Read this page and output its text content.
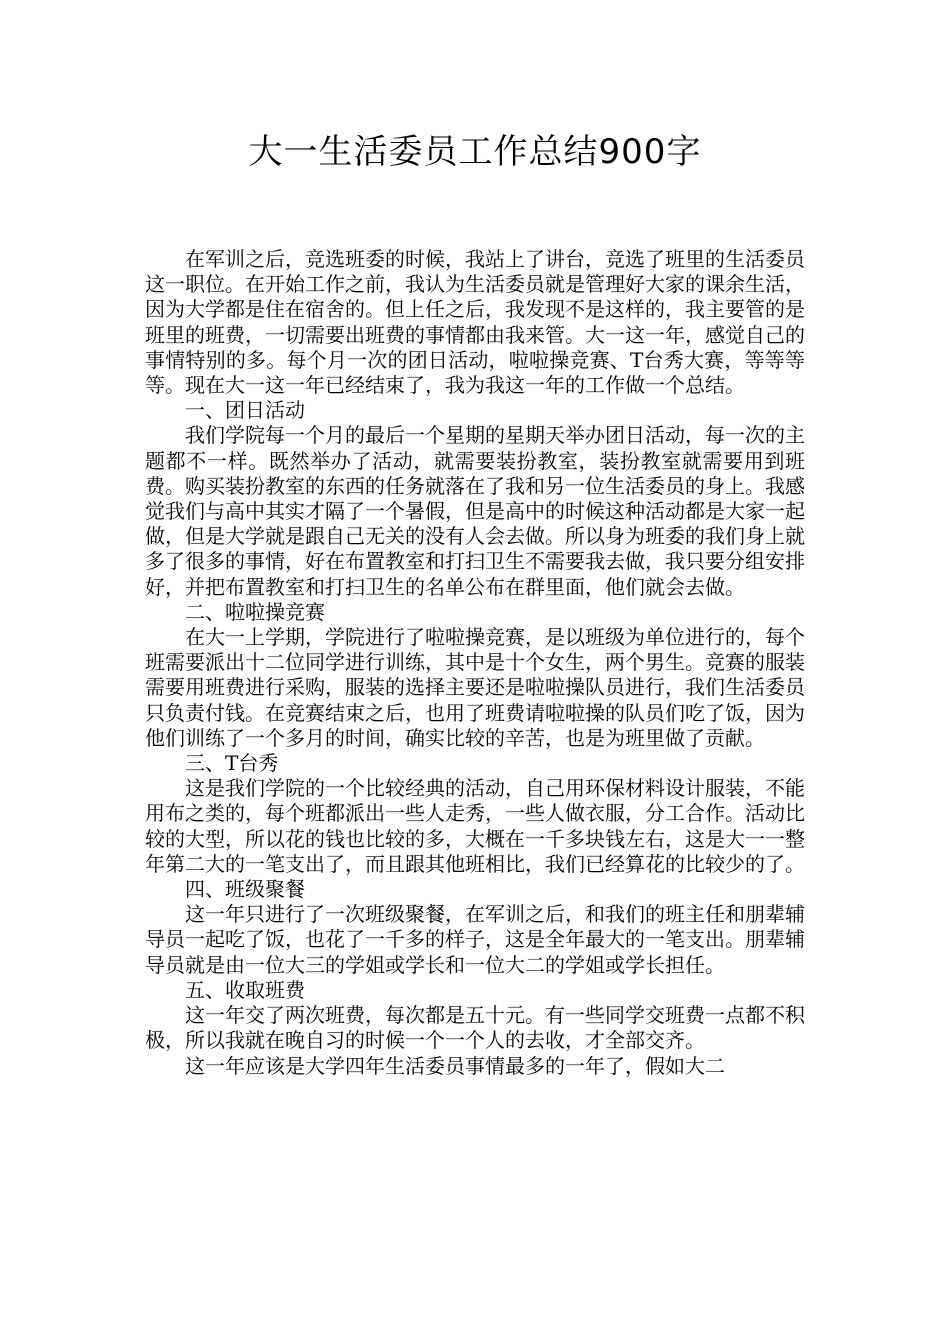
大一生活委员工作总结900字

在军训之后，竞选班委的时候，我站上了讲台，竞选了班里的生活委员这一职位。在开始工作之前，我认为生活委员就是管理好大家的课余生活，因为大学都是住在宿舍的。但上任之后，我发现不是这样的，我主要管的是班里的班费，一切需要出班费的事情都由我来管。大一这一年，感觉自己的事情特别的多。每个月一次的团日活动，啦啦操竞赛、T台秀大赛，等等等等。现在大一这一年已经结束了，我为我这一年的工作做一个总结。

一、团日活动

我们学院每一个月的最后一个星期的星期天举办团日活动，每一次的主题都不一样。既然举办了活动，就需要装扮教室，装扮教室就需要用到班费。购买装扮教室的东西的任务就落在了我和另一位生活委员的身上。我感觉我们与高中其实才隔了一个暑假，但是高中的时候这种活动都是大家一起做，但是大学就是跟自己无关的没有人会去做。所以身为班委的我们身上就多了很多的事情，好在布置教室和打扫卫生不需要我去做，我只要分组安排好，并把布置教室和打扫卫生的名单公布在群里面，他们就会去做。

二、啦啦操竞赛

在大一上学期，学院进行了啦啦操竞赛，是以班级为单位进行的，每个班需要派出十二位同学进行训练，其中是十个女生，两个男生。竞赛的服装需要用班费进行采购，服装的选择主要还是啦啦操队员进行，我们生活委员只负责付钱。在竞赛结束之后，也用了班费请啦啦操的队员们吃了饭，因为他们训练了一个多月的时间，确实比较的辛苦，也是为班里做了贡献。

三、T台秀

这是我们学院的一个比较经典的活动，自己用环保材料设计服装，不能用布之类的，每个班都派出一些人走秀，一些人做衣服，分工合作。活动比较的大型，所以花的钱也比较的多，大概在一千多块钱左右，这是大一一整年第二大的一笔支出了，而且跟其他班相比，我们已经算花的比较少的了。

四、班级聚餐

这一年只进行了一次班级聚餐，在军训之后，和我们的班主任和朋辈辅导员一起吃了饭，也花了一千多的样子，这是全年最大的一笔支出。朋辈辅导员就是由一位大三的学姐或学长和一位大二的学姐或学长担任。

五、收取班费

这一年交了两次班费，每次都是五十元。有一些同学交班费一点都不积极，所以我就在晚自习的时候一个一个人的去收，才全部交齐。

这一年应该是大学四年生活委员事情最多的一年了，假如大二
